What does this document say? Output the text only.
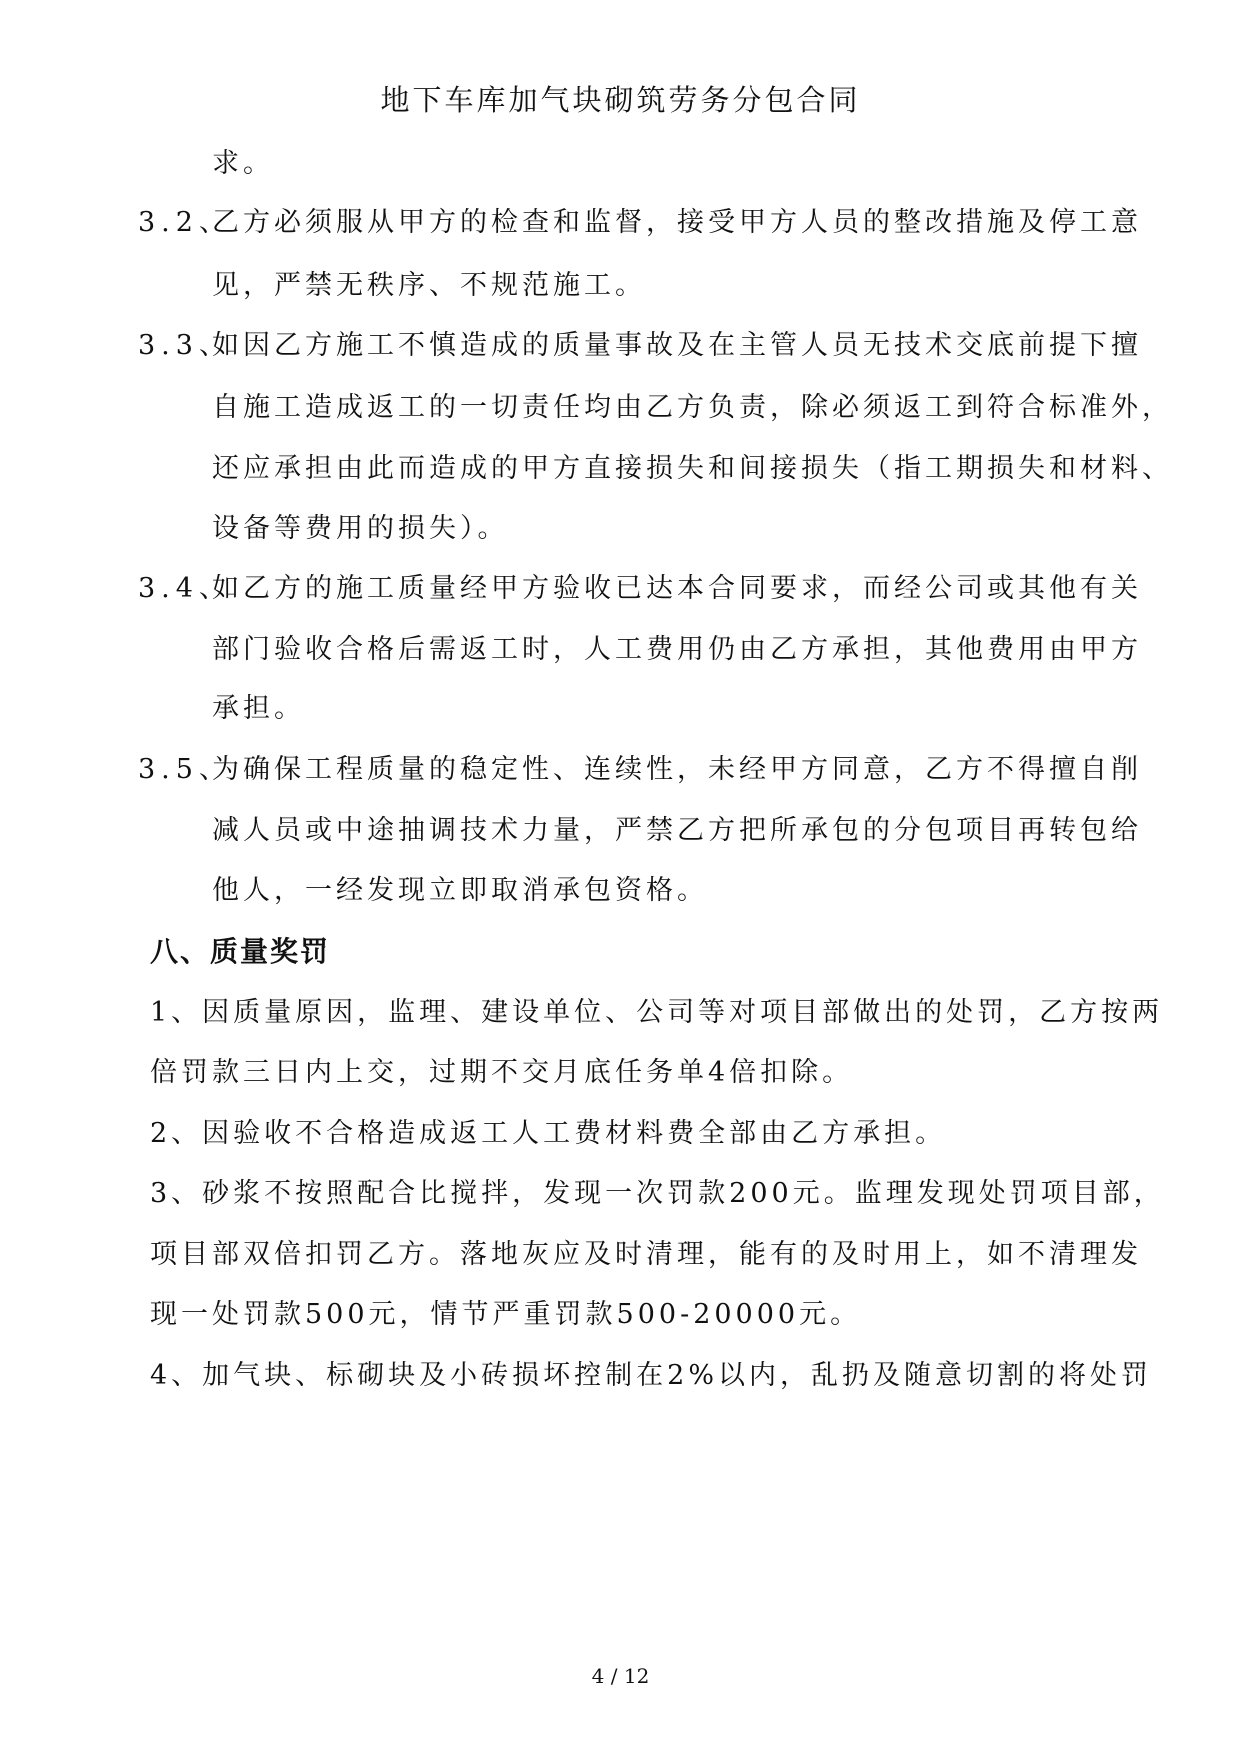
地下车库加气块砌筑劳务分包合同
求。
3.2、
乙方必须服从甲方的检查和监督，接受甲方人员的整改措施及停工意
见，严禁无秩序、不规范施工。
3.3、
如因乙方施工不慎造成的质量事故及在主管人员无技术交底前提下擅
自施工造成返工的一切责任均由乙方负责，除必须返工到符合标准外，
还应承担由此而造成的甲方直接损失和间接损失（指工期损失和材料、
设备等费用的损失）。
3.4、
如乙方的施工质量经甲方验收已达本合同要求，而经公司或其他有关
部门验收合格后需返工时，人工费用仍由乙方承担，其他费用由甲方
承担。
3.5、
为确保工程质量的稳定性、连续性，未经甲方同意，乙方不得擅自削
减人员或中途抽调技术力量，严禁乙方把所承包的分包项目再转包给
他人，一经发现立即取消承包资格。
八、质量奖罚
1、因质量原因，监理、建设单位、公司等对项目部做出的处罚，乙方按两
倍罚款三日内上交，过期不交月底任务单4倍扣除。
2、因验收不合格造成返工人工费材料费全部由乙方承担。
3、砂浆不按照配合比搅拌，发现一次罚款200元。监理发现处罚项目部，
项目部双倍扣罚乙方。落地灰应及时清理，能有的及时用上，如不清理发
现一处罚款500元，情节严重罚款500-20000元。
4、加气块、标砌块及小砖损坏控制在2%以内，乱扔及随意切割的将处罚
4 / 12
